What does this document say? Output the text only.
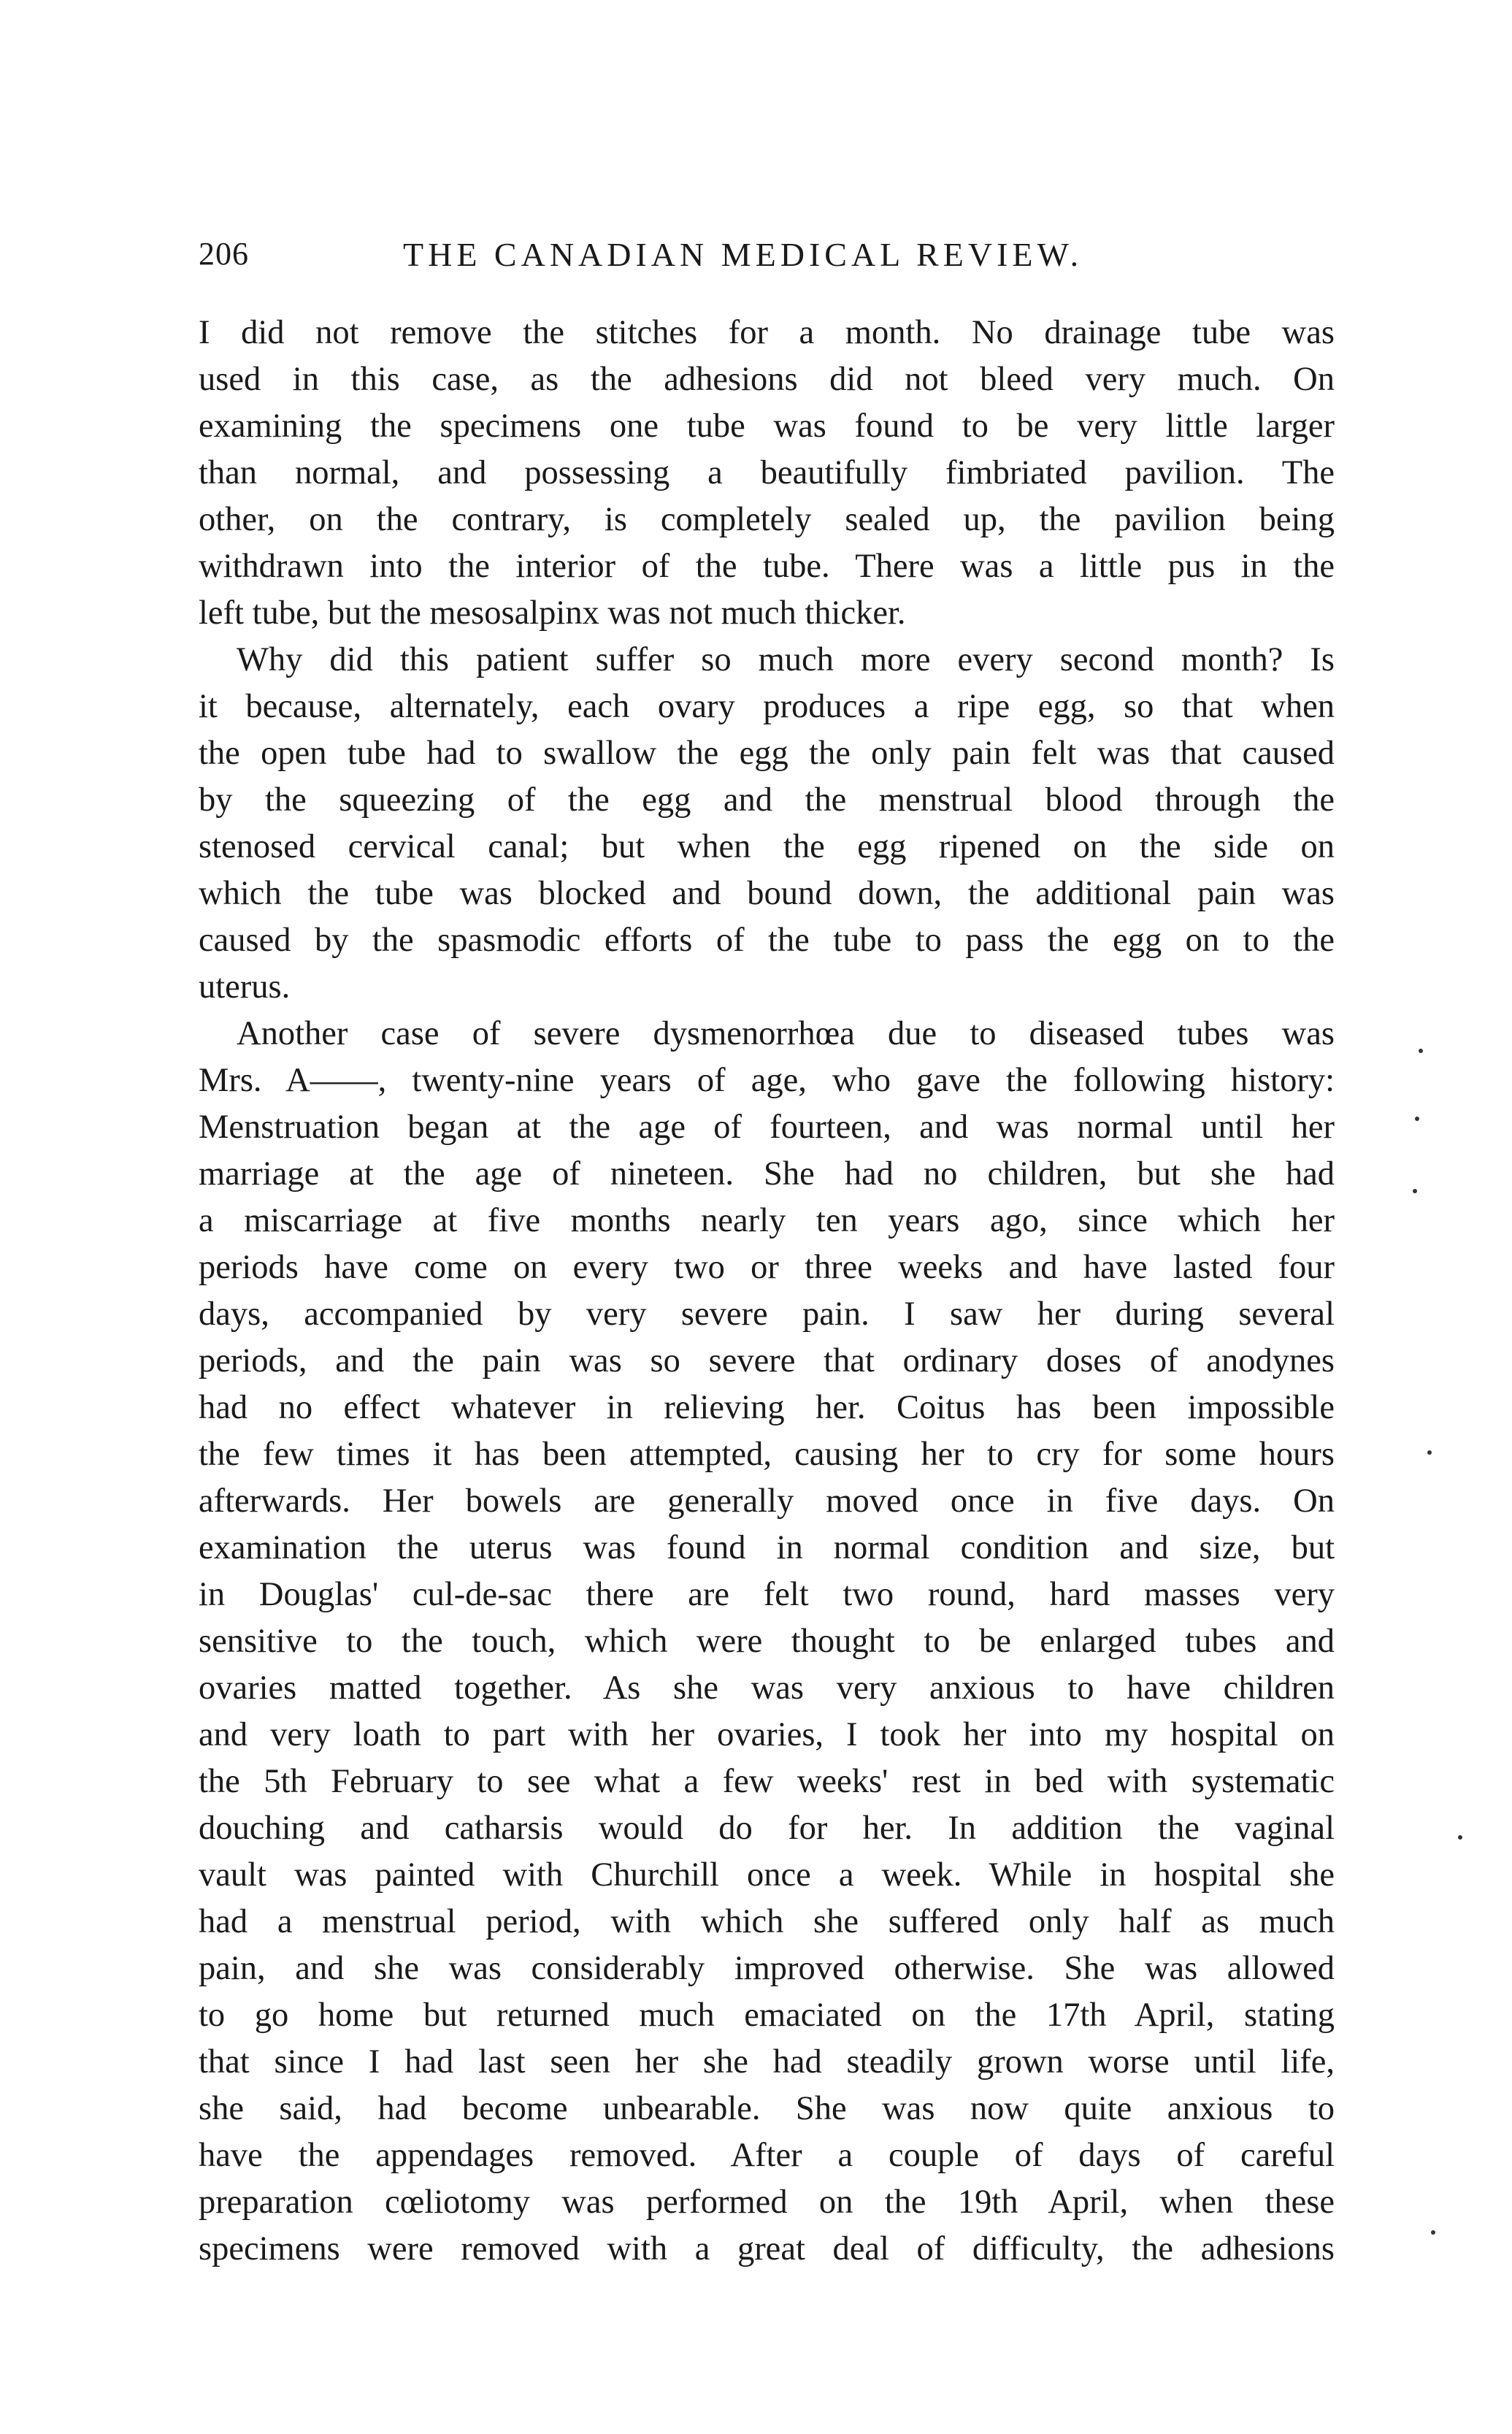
206	THE CANADIAN MEDICAL REVIEW.
I did not remove the stitches for a month. No drainage tube was
used in this case, as the adhesions did not bleed very much. On
examining the specimens one tube was found to be very little larger
than normal, and possessing a beautifully fimbriated pavilion. The
other, on the contrary, is completely sealed up, the pavilion being
withdrawn into the interior of the tube. There was a little pus in the
left tube, but the mesosalpinx was not much thicker.
Why did this patient suffer so much more every second month? Is
it because, alternately, each ovary produces a ripe egg, so that when
the open tube had to swallow the egg the only pain felt was that caused
by the squeezing of the egg and the menstrual blood through the
stenosed cervical canal; but when the egg ripened on the side on
which the tube was blocked and bound down, the additional pain was
caused by the spasmodic efforts of the tube to pass the egg on to the
uterus.
Another case of severe dysmenorrhœa due to diseased tubes was
Mrs. A——, twenty-nine years of age, who gave the following history:
Menstruation began at the age of fourteen, and was normal until her
marriage at the age of nineteen. She had no children, but she had
a miscarriage at five months nearly ten years ago, since which her
periods have come on every two or three weeks and have lasted four
days, accompanied by very severe pain. I saw her during several
periods, and the pain was so severe that ordinary doses of anodynes
had no effect whatever in relieving her. Coitus has been impossible
the few times it has been attempted, causing her to cry for some hours
afterwards. Her bowels are generally moved once in five days. On
examination the uterus was found in normal condition and size, but
in Douglas' cul-de-sac there are felt two round, hard masses very
sensitive to the touch, which were thought to be enlarged tubes and
ovaries matted together. As she was very anxious to have children
and very loath to part with her ovaries, I took her into my hospital on
the 5th February to see what a few weeks' rest in bed with systematic
douching and catharsis would do for her. In addition the vaginal
vault was painted with Churchill once a week. While in hospital she
had a menstrual period, with which she suffered only half as much
pain, and she was considerably improved otherwise. She was allowed
to go home but returned much emaciated on the 17th April, stating
that since I had last seen her she had steadily grown worse until life,
she said, had become unbearable. She was now quite anxious to
have the appendages removed. After a couple of days of careful
preparation cœliotomy was performed on the 19th April, when these
specimens were removed with a great deal of difficulty, the adhesions
